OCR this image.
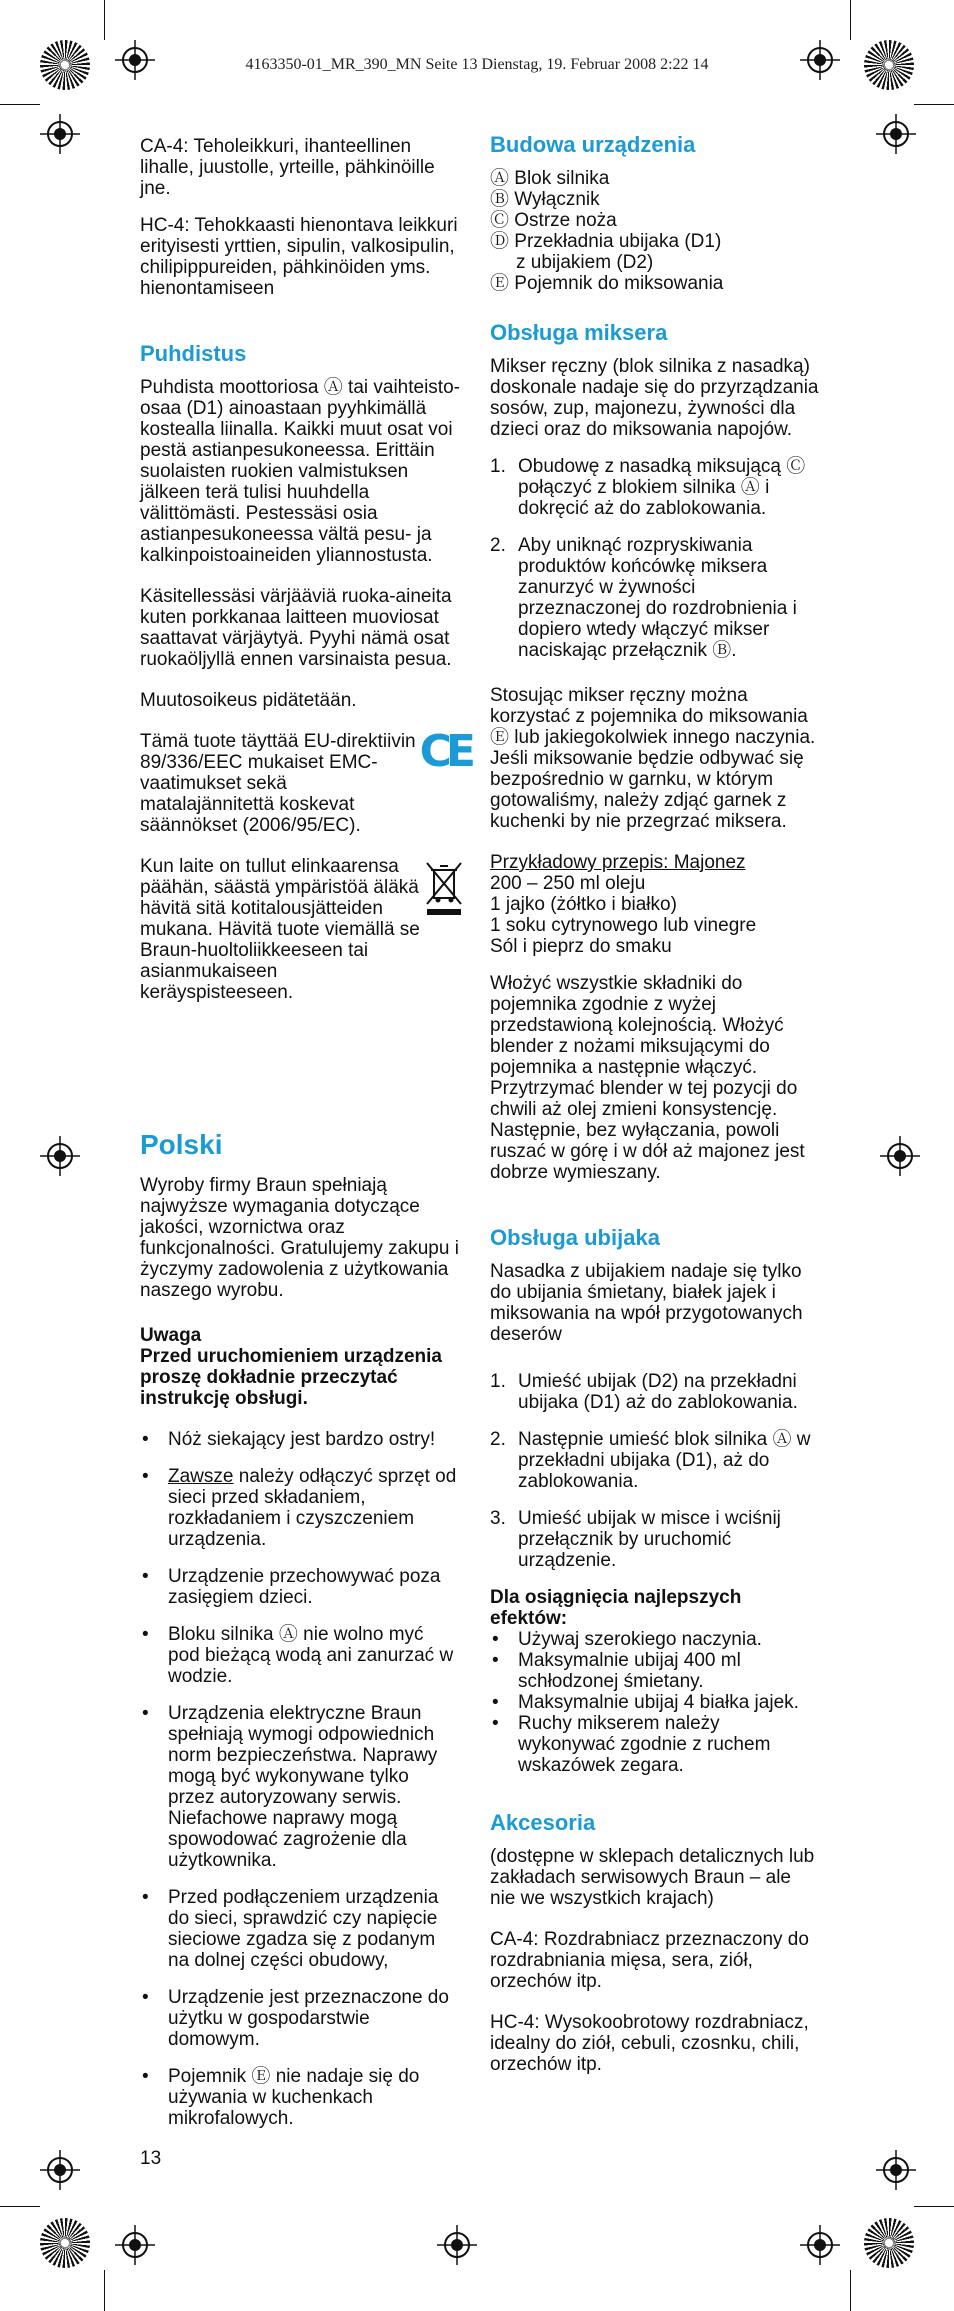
4163350-01_MR_390_MN Seite 13 Dienstag, 19. Februar 2008 2:22 14

CA-4: Teholeikkuri, ihanteellinen lihalle, juustolle, yrteille, pähkinöille jne.

HC-4: Tehokkaasti hienontava leikkuri erityisesti yrttien, sipulin, valkosipulin, chilipippureiden, pähkinöiden yms. hienontamiseen

Puhdistus

Puhdista moottoriosa Ⓐ tai vaihteisto-osaa (D1) ainoastaan pyyhkimällä kostealla liinalla. Kaikki muut osat voi pestä astianpesukoneessa. Erittäin suolaisten ruokien valmistuksen jälkeen terä tulisi huuhdella välittömästi. Pestessäsi osia astianpesukoneessa vältä pesu- ja kalkinpoistoaineiden yliannostusta.

Käsitellessäsi värjääviä ruoka-aineita kuten porkkanaa laitteen muoviosat saattavat värjäytyä. Pyyhi nämä osat ruokaöljyllä ennen varsinaista pesua.

Muutosoikeus pidätetään.

Tämä tuote täyttää EU-direktiivin 89/336/EEC mukaiset EMC-vaatimukset sekä matalajännitettä koskevat säännökset (2006/95/EC).

CE

Kun laite on tullut elinkaarensa päähän, säästä ympäristöä äläkä hävitä sitä kotitalousjätteiden mukana. Hävitä tuote viemällä se Braun-huoltoliikkeeseen tai asianmukaiseen keräyspisteeseen.

Polski

Wyroby firmy Braun spełniają najwyższe wymagania dotyczące jakości, wzornictwa oraz funkcjonalności. Gratulujemy zakupu i życzymy zadowolenia z użytkowania naszego wyrobu.

Uwaga

Przed uruchomieniem urządzenia proszę dokładnie przeczytać instrukcję obsługi.

• Nóż siekający jest bardzo ostry!
• Zawsze należy odłączyć sprzęt od sieci przed składaniem, rozkładaniem i czyszczeniem urządzenia.
• Urządzenie przechowywać poza zasięgiem dzieci.
• Bloku silnika Ⓐ nie wolno myć pod bieżącą wodą ani zanurzać w wodzie.
• Urządzenia elektryczne Braun spełniają wymogi odpowiednich norm bezpieczeństwa. Naprawy mogą być wykonywane tylko przez autoryzowany serwis. Niefachowe naprawy mogą spowodować zagrożenie dla użytkownika.
• Przed podłączeniem urządzenia do sieci, sprawdzić czy napięcie sieciowe zgadza się z podanym na dolnej części obudowy,
• Urządzenie jest przeznaczone do użytku w gospodarstwie domowym.
• Pojemnik Ⓔ nie nadaje się do używania w kuchenkach mikrofalowych.
Budowa urządzenia
Ⓐ Blok silnika
Ⓑ Wyłącznik
Ⓒ Ostrze noża
Ⓓ Przekładnia ubijaka (D1)
z ubijakiem (D2)
Ⓔ Pojemnik do miksowania
Obsługa miksera

Mikser ręczny (blok silnika z nasadką) doskonale nadaje się do przyrządzania sosów, zup, majonezu, żywności dla dzieci oraz do miksowania napojów.

1. Obudowę z nasadką miksującą Ⓒ połączyć z blokiem silnika Ⓐ i dokręcić aż do zablokowania.
2. Aby uniknąć rozpryskiwania produktów końcówkę miksera zanurzyć w żywności przeznaczonej do rozdrobnienia i dopiero wtedy włączyć mikser naciskając przełącznik Ⓑ.

Stosując mikser ręczny można korzystać z pojemnika do miksowania Ⓔ lub jakiegokolwiek innego naczynia. Jeśli miksowanie będzie odbywać się bezpośrednio w garnku, w którym gotowaliśmy, należy zdjąć garnek z kuchenki by nie przegrzać miksera.

Przykładowy przepis: Majonez
200 – 250 ml oleju
1 jajko (żółtko i białko)
1 soku cytrynowego lub vinegre
Sól i pieprz do smaku

Włożyć wszystkie składniki do pojemnika zgodnie z wyżej przedstawioną kolejnością. Włożyć blender z nożami miksującymi do pojemnika a następnie włączyć. Przytrzymać blender w tej pozycji do chwili aż olej zmieni konsystencję. Następnie, bez wyłączania, powoli ruszać w górę i w dół aż majonez jest dobrze wymieszany.

Obsługa ubijaka

Nasadka z ubijakiem nadaje się tylko do ubijania śmietany, białek jajek i miksowania na wpół przygotowanych deserów

1. Umieść ubijak (D2) na przekładni ubijaka (D1) aż do zablokowania.
2. Następnie umieść blok silnika Ⓐ w przekładni ubijaka (D1), aż do zablokowania.
3. Umieść ubijak w misce i wciśnij przełącznik by uruchomić urządzenie.
Dla osiągnięcia najlepszych efektów:
• Używaj szerokiego naczynia.
• Maksymalnie ubijaj 400 ml schłodzonej śmietany.
• Maksymalnie ubijaj 4 białka jajek.
• Ruchy mikserem należy wykonywać zgodnie z ruchem wskazówek zegara.
Akcesoria

(dostępne w sklepach detalicznych lub zakładach serwisowych Braun – ale nie we wszystkich krajach)

CA-4: Rozdrabniacz przeznaczony do rozdrabniania mięsa, sera, ziół, orzechów itp.

HC-4: Wysokoobrotowy rozdrabniacz, idealny do ziół, cebuli, czosnku, chili, orzechów itp.

13
